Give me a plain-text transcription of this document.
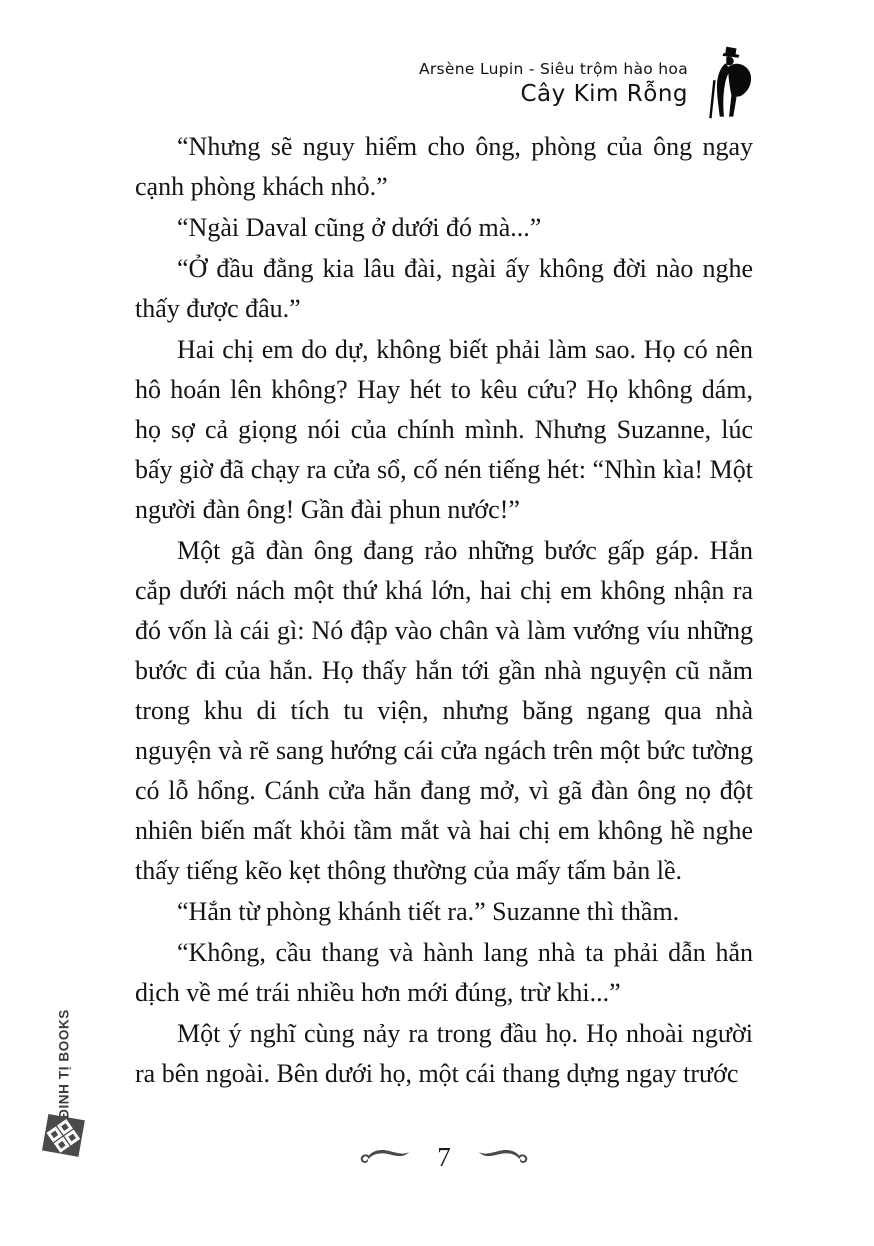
Arsène Lupin - Siêu trộm hào hoa
Cây Kim Rỗng

“Nhưng sẽ nguy hiểm cho ông, phòng của ông ngay cạnh phòng khách nhỏ.”

“Ngài Daval cũng ở dưới đó mà...”

“Ở đầu đằng kia lâu đài, ngài ấy không đời nào nghe thấy được đâu.”

Hai chị em do dự, không biết phải làm sao. Họ có nên hô hoán lên không? Hay hét to kêu cứu? Họ không dám, họ sợ cả giọng nói của chính mình. Nhưng Suzanne, lúc bấy giờ đã chạy ra cửa sổ, cố nén tiếng hét: “Nhìn kìa! Một người đàn ông! Gần đài phun nước!”

Một gã đàn ông đang rảo những bước gấp gáp. Hắn cắp dưới nách một thứ khá lớn, hai chị em không nhận ra đó vốn là cái gì: Nó đập vào chân và làm vướng víu những bước đi của hắn. Họ thấy hắn tới gần nhà nguyện cũ nằm trong khu di tích tu viện, nhưng băng ngang qua nhà nguyện và rẽ sang hướng cái cửa ngách trên một bức tường có lỗ hổng. Cánh cửa hẳn đang mở, vì gã đàn ông nọ đột nhiên biến mất khỏi tầm mắt và hai chị em không hề nghe thấy tiếng kẽo kẹt thông thường của mấy tấm bản lề.

“Hắn từ phòng khánh tiết ra.” Suzanne thì thầm.

“Không, cầu thang và hành lang nhà ta phải dẫn hắn dịch về mé trái nhiều hơn mới đúng, trừ khi...”

Một ý nghĩ cùng nảy ra trong đầu họ. Họ nhoài người ra bên ngoài. Bên dưới họ, một cái thang dựng ngay trước

7
ĐINH TỊ BOOKS
